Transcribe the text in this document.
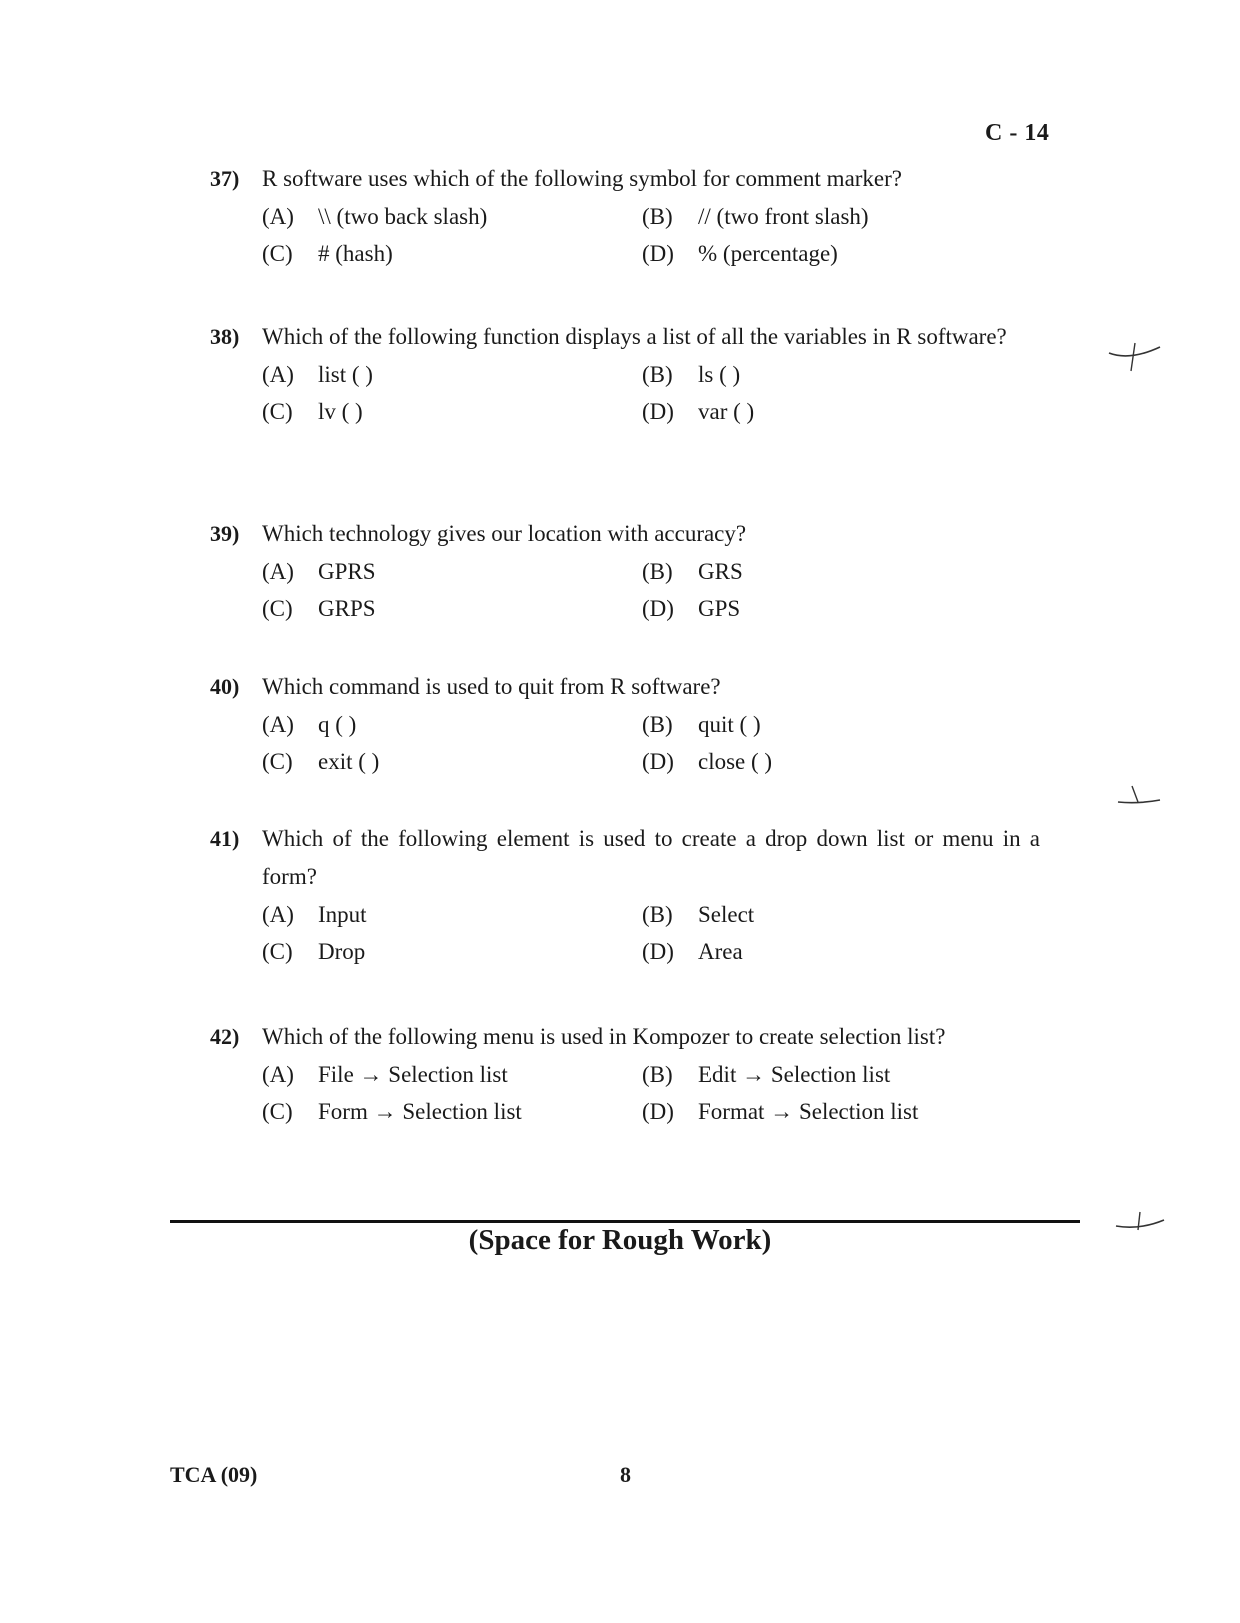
C - 14
37) R software uses which of the following symbol for comment marker?
(A)	\\ (two back slash)	(B)	// (two front slash)
(C)	# (hash)	(D)	% (percentage)
38) Which of the following function displays a list of all the variables in R software?
(A)	list ( )	(B)	ls ( )
(C)	lv ( )	(D)	var ( )
39) Which technology gives our location with accuracy?
(A)	GPRS	(B)	GRS
(C)	GRPS	(D)	GPS
40) Which command is used to quit from R software?
(A)	q ( )	(B)	quit ( )
(C)	exit ( )	(D)	close ( )
41) Which of the following element is used to create a drop down list or menu in a form?
(A)	Input	(B)	Select
(C)	Drop	(D)	Area
42) Which of the following menu is used in Kompozer to create selection list?
(A)	File → Selection list	(B)	Edit → Selection list
(C)	Form → Selection list	(D)	Format → Selection list
(Space for Rough Work)
TCA (09)	8
